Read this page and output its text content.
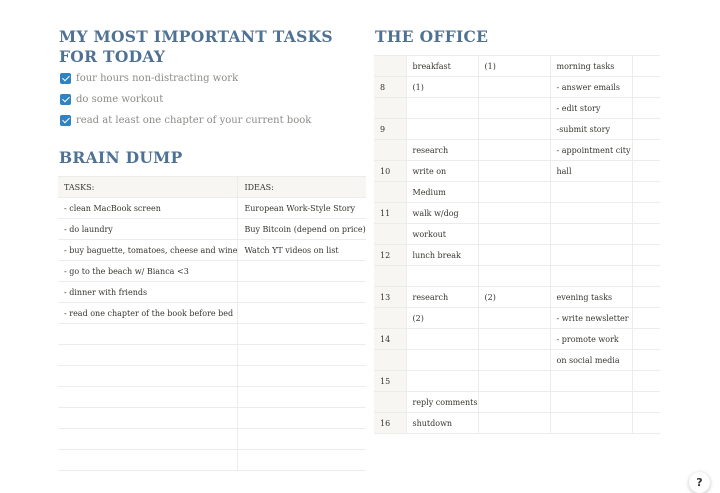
MY MOST IMPORTANT TASKS FOR TODAY
four hours non-distracting work
do some workout
read at least one chapter of your current book
BRAIN DUMP
TASKS:	IDEAS:
- clean MacBook screen	European Work-Style Story
- do laundry	Buy Bitcoin (depend on price)
- buy baguette, tomatoes, cheese and wine	Watch YT videos on list
- go to the beach w/ Bianca <3	
- dinner with friends	
- read one chapter of the book before bed	

THE OFFICE
	breakfast	(1)	morning tasks	
8	(1)		- answer emails	
			- edit story	
9			-submit story	
	research		- appointment city	
10	write on		hall	
	Medium			
11	walk w/dog			
	workout			
12	lunch break			

13	research	(2)	evening tasks	
	(2)		- write newsletter	
14			- promote work	
			on social media	
15				
	reply comments			
16	shutdown			
?
